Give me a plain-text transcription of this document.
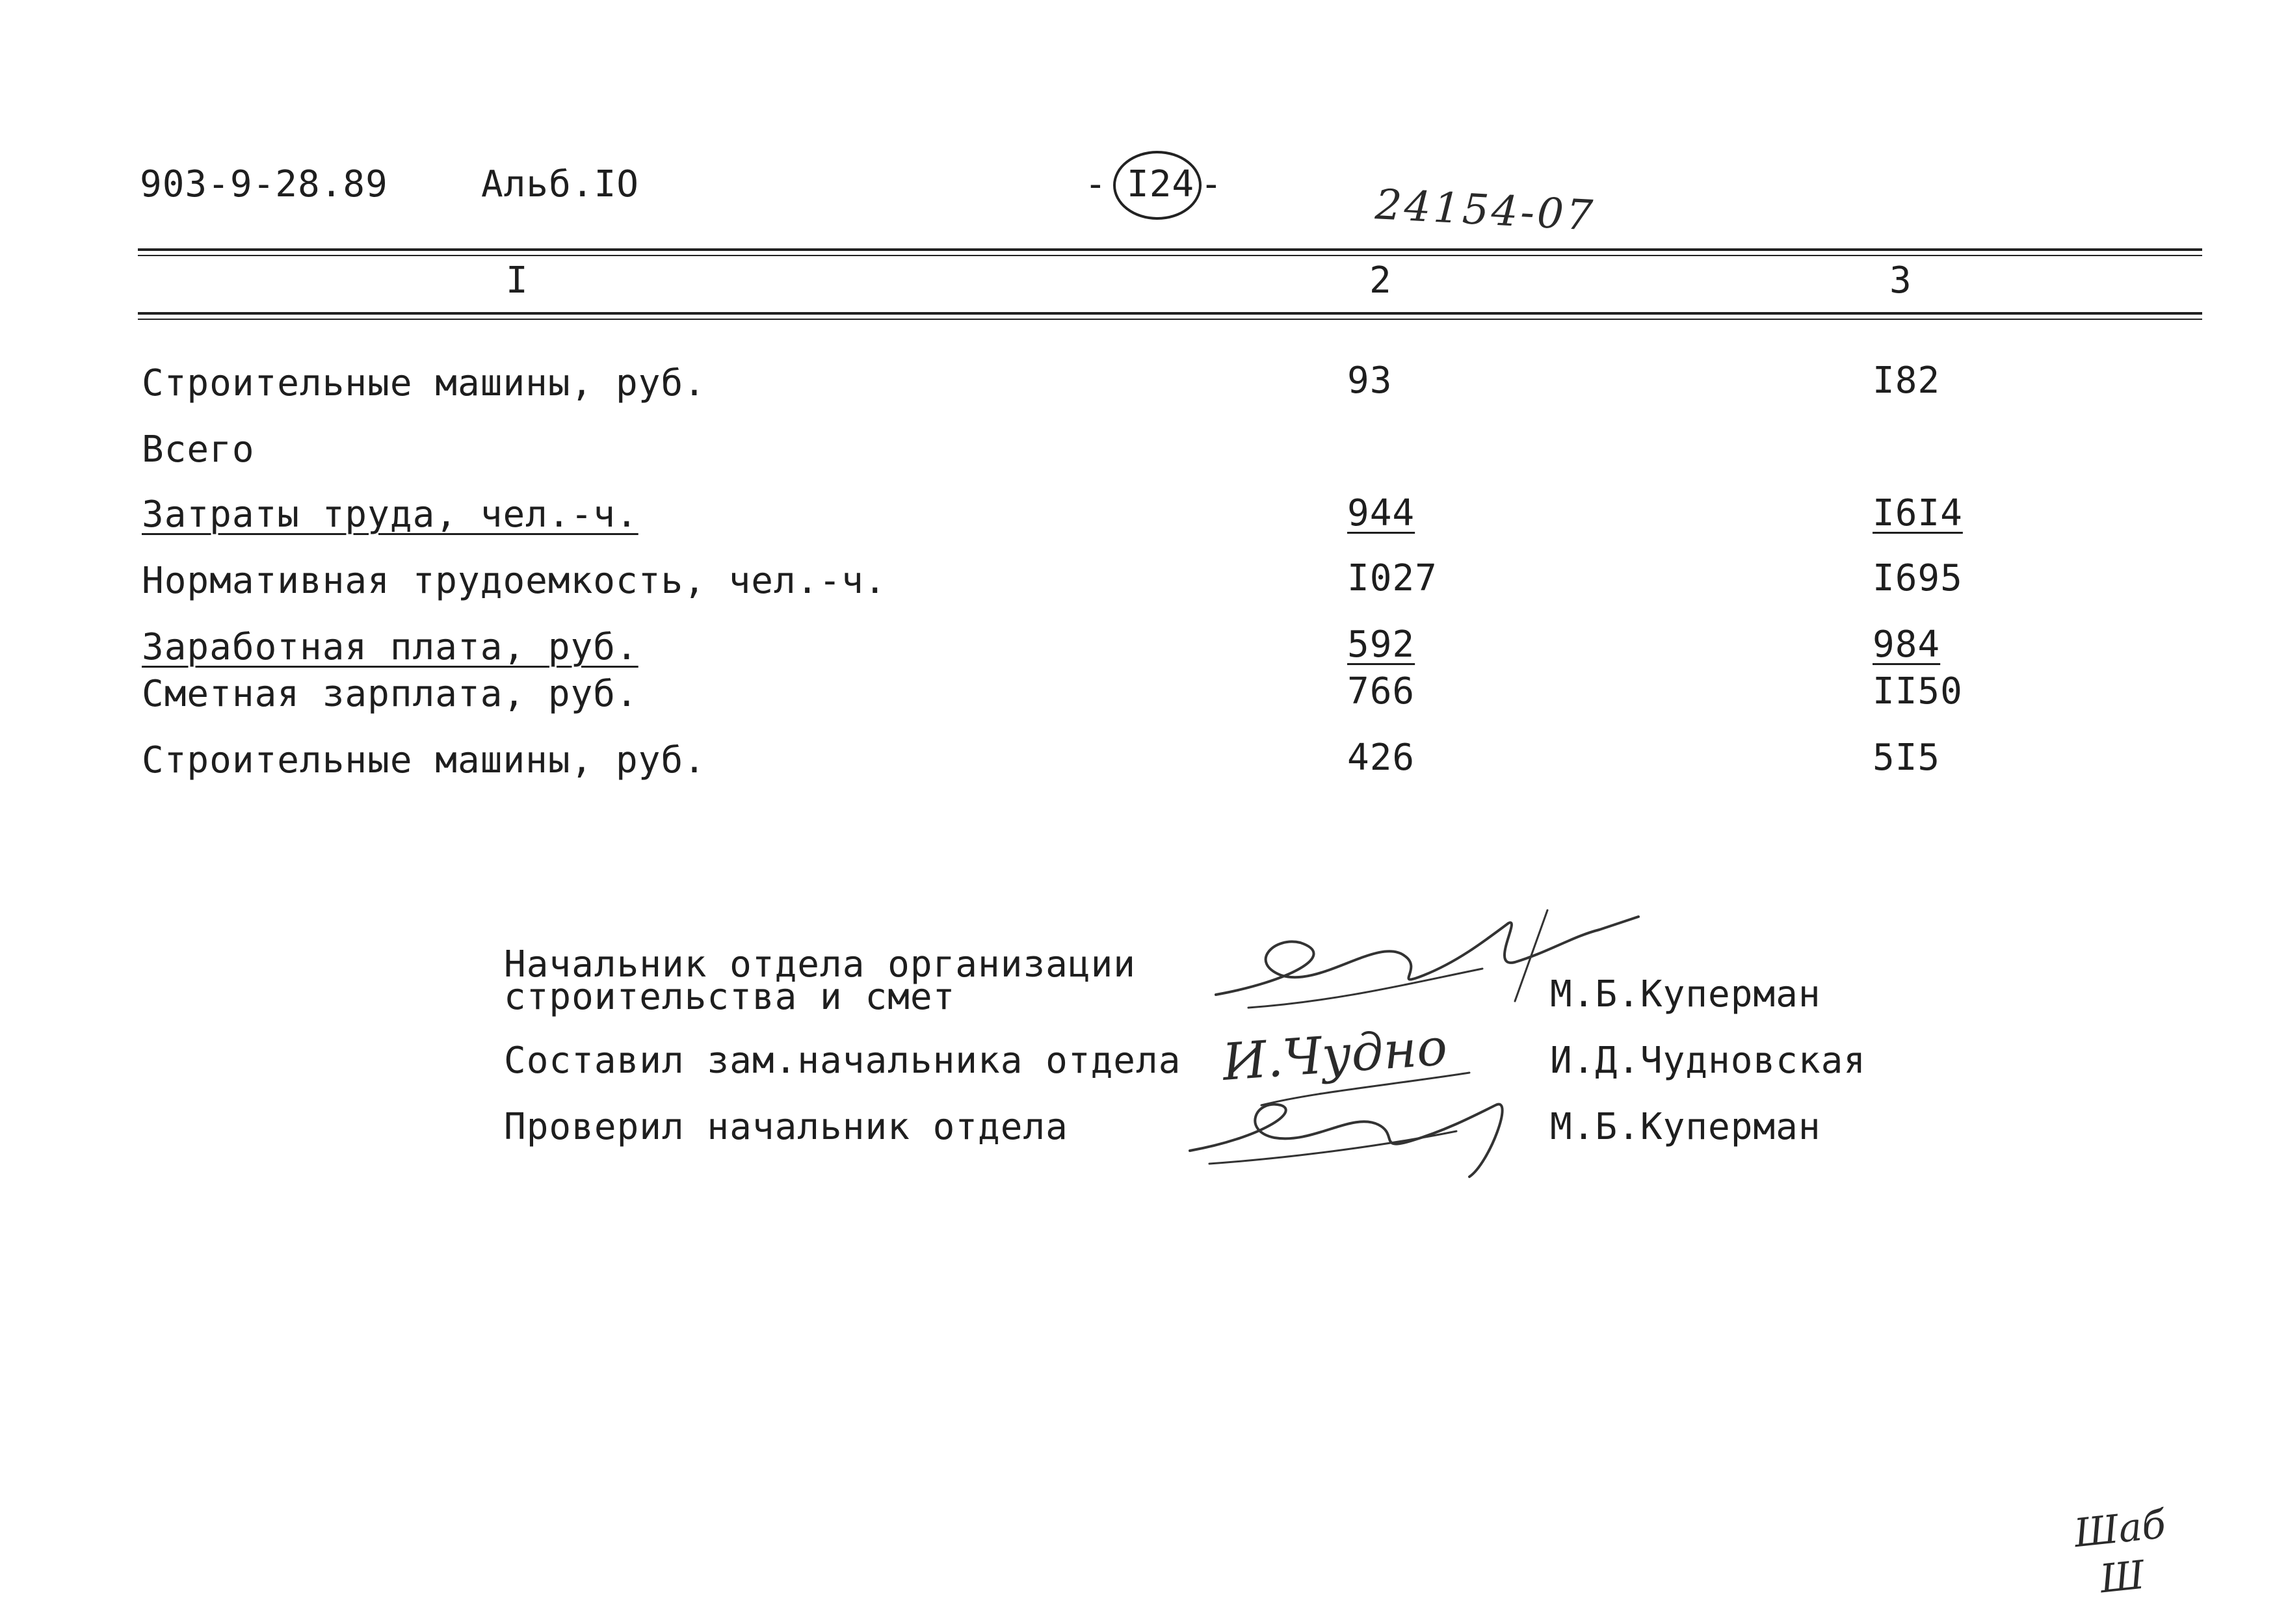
903-9-28.89	Альб.IO	- I24 -	24154-07
I	2	3
Строительные машины, руб.	93	I82
Всего
Затраты труда, чел.-ч.	944	I6I4
Нормативная трудоемкость, чел.-ч.	I027	I695
Заработная плата, руб.	592	984
Сметная зарплата, руб.	766	II50
Строительные машины, руб.	426	5I5
Начальник отдела организации
строительства и смет	М.Б.Куперман
Составил зам.начальника отдела	И.Д.Чудновская
Проверил начальник отдела	М.Б.Куперман
И.Чудно
Шаб
Ш
